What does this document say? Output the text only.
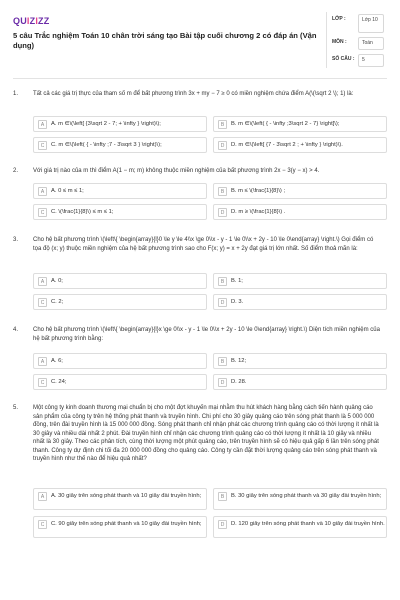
QUIZIZZ
5 câu Trắc nghiệm Toán 10 chân trời sáng tạo Bài tập cuối chương 2 có đáp án (Vận dụng)
LỚP :	Lớp 10
MÔN :	Toán
SỐ CÂU :	5
1. Tất cả các giá trị thực của tham số m để bất phương trình 3x + my − 7 ≥ 0 có miền nghiệm chứa điểm A(\(\sqrt 2 \); 1) là:
A	A. m ∈\(\left[ {3\sqrt 2 - 7; + \infty } \right)\);	B	B. m ∈\(\left( { - \infty ;3\sqrt 2 - 7} \right]\);
C	C. m ∈\(\left( { - \infty ;7 - 3\sqrt 3 } \right)\);	D	D. m ∈\(\left[ {7 - 3\sqrt 2 ; + \infty } \right)\).
2. Với giá trị nào của m thì điểm A(1 − m; m) không thuộc miền nghiệm của bất phương trình 2x − 3(y − x) > 4.
A	A. 0 ≤ m ≤ 1;	B	B. m ≤ \(\frac{1}{8}\) ;
C	C. \(\frac{1}{8}\) ≤ m ≤ 1;	D	D. m ≥ \(\frac{1}{8}\) .
3. Cho hệ bất phương trình \(\left\{ \begin{array}{l}0 \le y \le 4\\x \ge 0\\x - y - 1 \le 0\\x + 2y - 10 \le 0\end{array} \right.\) Gọi điểm có tọa độ (x; y) thuộc miền nghiệm của hệ bất phương trình sao cho F(x; y) = x + 2y đạt giá trị lớn nhất. Số điểm thoả mãn là:
A	A. 0;	B	B. 1;
C	C. 2;	D	D. 3.
4. Cho hệ bất phương trình \(\left\{ \begin{array}{l}x \ge 0\\x - y - 1 \le 0\\x + 2y - 10 \le 0\end{array} \right.\) Diện tích miền nghiệm của hệ bất phương trình bằng:
A	A. 6;	B	B. 12;
C	C. 24;	D	D. 28.
5. Một công ty kinh doanh thương mại chuẩn bị cho một đợt khuyến mại nhằm thu hút khách hàng bằng cách tiến hành quảng cáo sản phẩm của công ty trên hệ thống phát thanh và truyền hình. Chi phí cho 30 giây quảng cáo trên sóng phát thanh là 5 000 000 đồng, trên đài truyền hình là 15 000 000 đồng. Sóng phát thanh chỉ nhận phát các chương trình quảng cáo có thời lượng ít nhất là 30 giây và nhiều dài nhất 2 phút. Đài truyền hình chỉ nhận các chương trình quảng cáo có thời lượng ít nhất là 10 giây và nhiều nhất là 30 giây. Theo các phân tích, cùng thời lượng một phút quảng cáo, trên truyền hình sẽ có hiệu quả gấp 6 lần trên sóng phát thanh. Công ty dự định chi tối đa 20 000 000 đồng cho quảng cáo. Công ty cần đặt thời lượng quảng cáo trên sóng phát thanh và truyền hình như thế nào để hiệu quả nhất?
A	A. 30 giây trên sóng phát thanh và 10 giây đài truyền hình;	B	B. 30 giây trên sóng phát thanh và 30 giây đài truyền hình;
C	C. 90 giây trên sóng phát thanh và 10 giây đài truyền hình;	D	D. 120 giây trên sóng phát thanh và 10 giây đài truyền hình.
